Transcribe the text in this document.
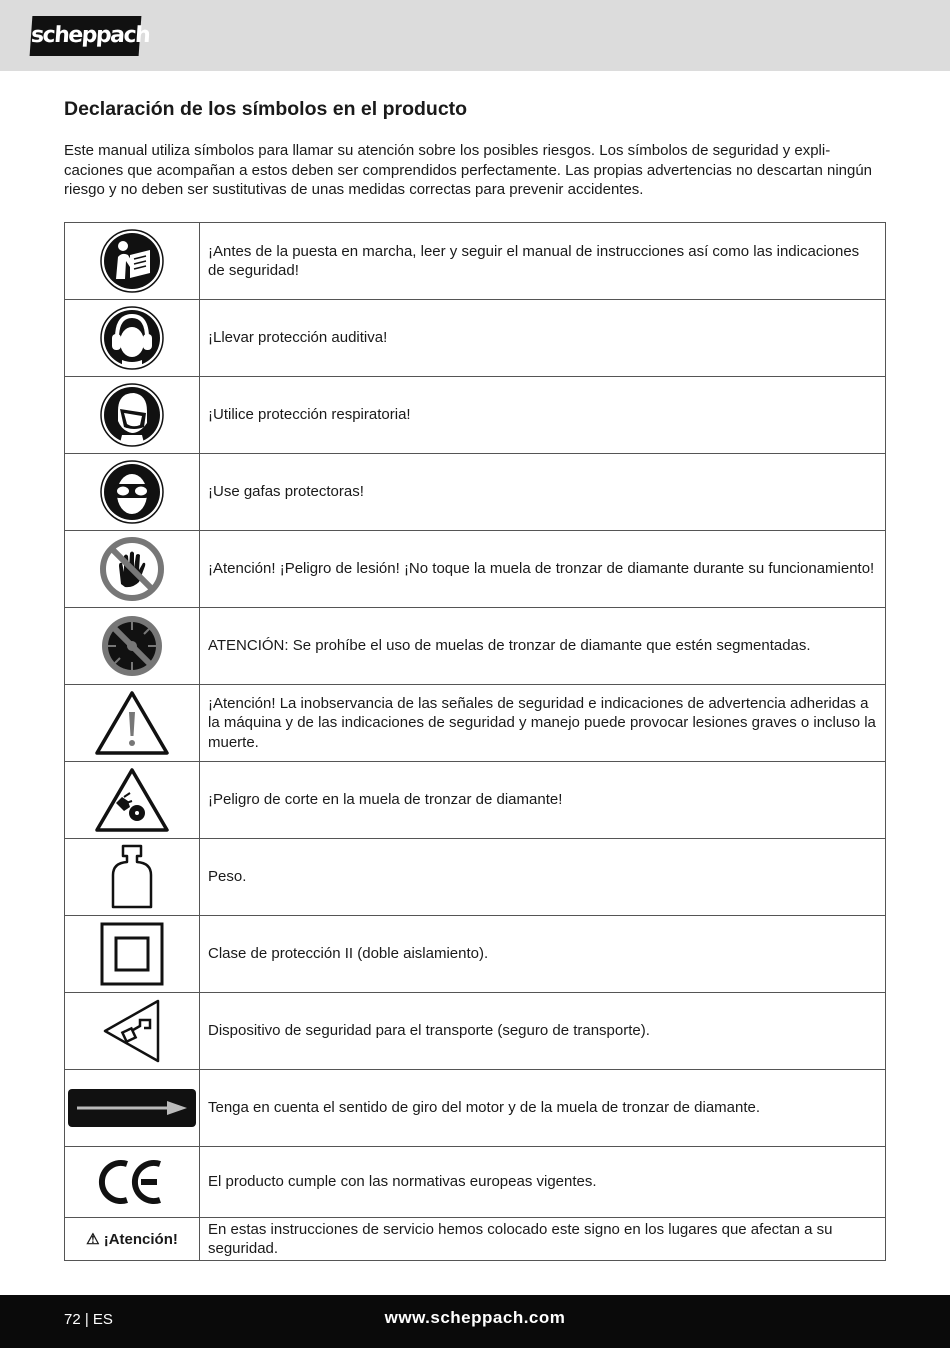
scheppach
Declaración de los símbolos en el producto

Este manual utiliza símbolos para llamar su atención sobre los posibles riesgos. Los símbolos de seguridad y expli-caciones que acompañan a estos deben ser comprendidos perfectamente. Las propias advertencias no descartan ningún riesgo y no deben ser sustitutivas de unas medidas correctas para prevenir accidentes.

	¡Antes de la puesta en marcha, leer y seguir el manual de instrucciones así como las indicaciones de seguridad!

	¡Llevar protección auditiva!

	¡Utilice protección respiratoria!

	¡Use gafas protectoras!

	¡Atención! ¡Peligro de lesión! ¡No toque la muela de tronzar de diamante durante su funcionamiento!

	ATENCIÓN: Se prohíbe el uso de muelas de tronzar de diamante que estén segmentadas.

	¡Atención! La inobservancia de las señales de seguridad e indicaciones de advertencia adheridas a la máquina y de las indicaciones de seguridad y manejo puede provocar lesiones graves o incluso la muerte.

	¡Peligro de corte en la muela de tronzar de diamante!

	Peso.

	Clase de protección II (doble aislamiento).

	Dispositivo de seguridad para el transporte (seguro de transporte).

	Tenga en cuenta el sentido de giro del motor y de la muela de tronzar de diamante.

	El producto cumple con las normativas europeas vigentes.
⚠ ¡Atención!	En estas instrucciones de servicio hemos colocado este signo en los lugares que afectan a su seguridad.
72 | ES	www.scheppach.com
